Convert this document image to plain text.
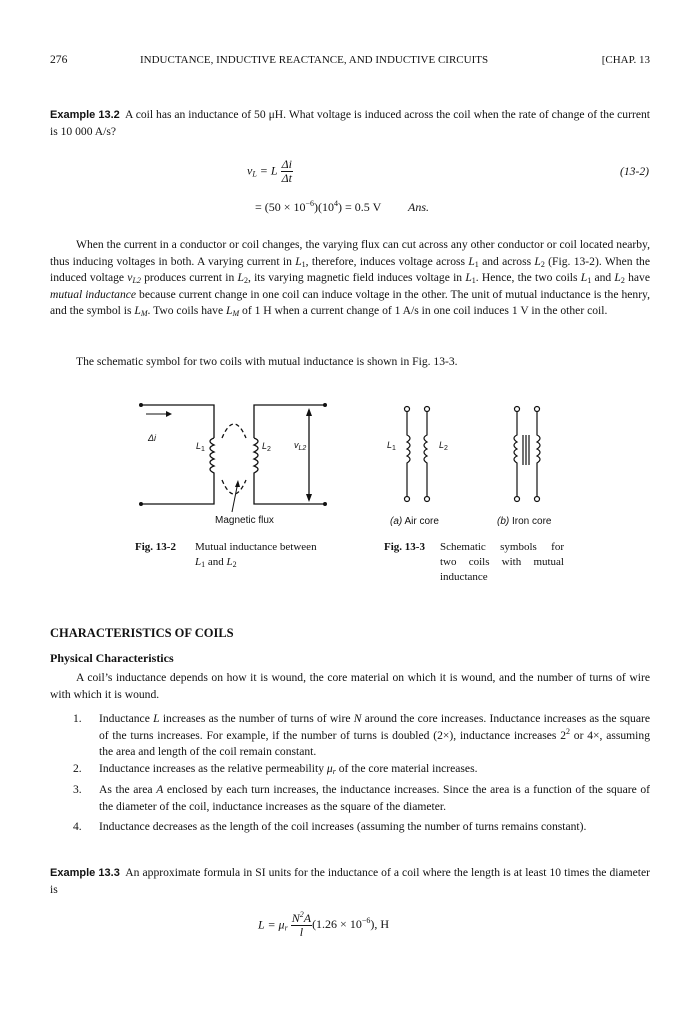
276	INDUCTANCE, INDUCTIVE REACTANCE, AND INDUCTIVE CIRCUITS	[CHAP. 13
Example 13.2 A coil has an inductance of 50 μH. What voltage is induced across the coil when the rate of change of the current is 10 000 A/s?
$v_L = L \frac{\Delta i}{\Delta t}$	(13-2)
= $(50 \times 10^{-6})(10^4) = 0.5$ V Ans.
When the current in a conductor or coil changes, the varying flux can cut across any other conductor or coil located nearby, thus inducing voltages in both. A varying current in $L_1$, therefore, induces voltage across $L_1$ and across $L_2$ (Fig. 13-2). When the induced voltage $v_{L2}$ produces current in $L_2$, its varying magnetic field induces voltage in $L_1$. Hence, the two coils $L_1$ and $L_2$ have mutual inductance because current change in one coil can induce voltage in the other. The unit of mutual inductance is the henry, and the symbol is $L_M$. Two coils have $L_M$ of 1 H when a current change of 1 A/s in one coil induces 1 V in the other coil.
The schematic symbol for two coils with mutual inductance is shown in Fig. 13-3.
Δi
$L_1$	$L_2$	$v_{L2}$
Magnetic flux
Fig. 13-2 Mutual inductance between

$L_1$ and $L_2$
$L_1$	$L_2$
(a) Air core	(b) Iron core
Fig. 13-3 Schematic symbols for
two coils with mutual
inductance
CHARACTERISTICS OF COILS
Physical Characteristics
A coil’s inductance depends on how it is wound, the core material on which it is wound, and the number of turns of wire with which it is wound.
1. Inductance L increases as the number of turns of wire N around the core increases. Inductance increases as the square of the turns increases. For example, if the number of turns is doubled (2×), inductance increases $2^2$ or 4×, assuming the area and length of the coil remain constant.
2. Inductance increases as the relative permeability $\mu_r$ of the core material increases.
3. As the area A enclosed by each turn increases, the inductance increases. Since the area is a function of the square of the diameter of the coil, inductance increases as the square of the diameter.
4. Inductance decreases as the length of the coil increases (assuming the number of turns remains constant).
Example 13.3 An approximate formula in SI units for the inductance of a coil where the length is at least 10 times the diameter is
$L = \mu_r \frac{N^2A}{l} (1.26 \times 10^{-6})$, H
